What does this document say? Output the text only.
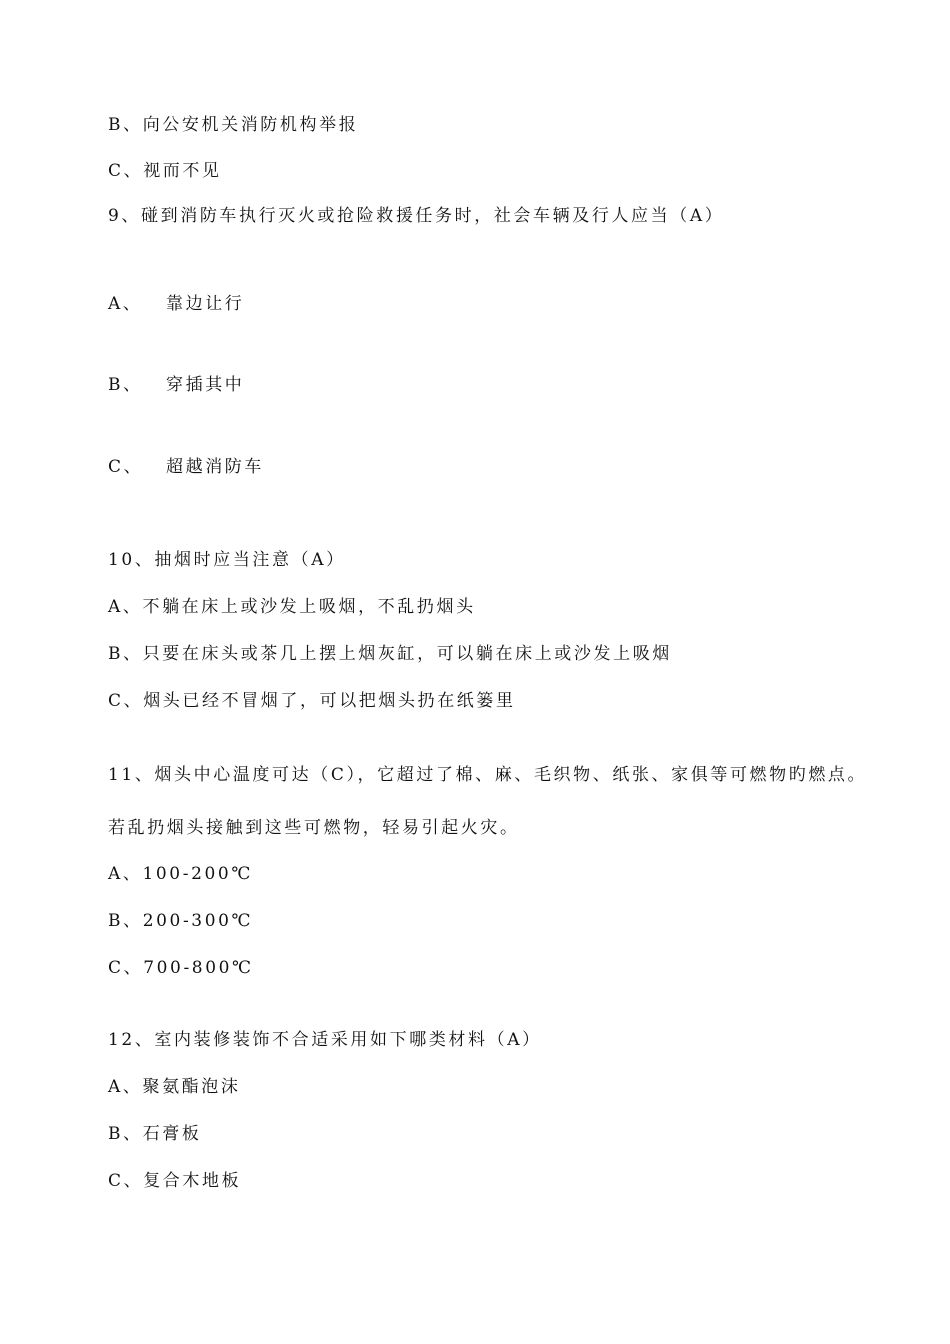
B、向公安机关消防机构举报
C、视而不见
9、碰到消防车执行灭火或抢险救援任务时，社会车辆及行人应当（A）
A、 靠边让行
B、 穿插其中
C、 超越消防车
10、抽烟时应当注意（A）
A、不躺在床上或沙发上吸烟，不乱扔烟头
B、只要在床头或茶几上摆上烟灰缸，可以躺在床上或沙发上吸烟
C、烟头已经不冒烟了，可以把烟头扔在纸篓里
11、烟头中心温度可达（C），它超过了棉、麻、毛织物、纸张、家俱等可燃物旳燃点。
若乱扔烟头接触到这些可燃物，轻易引起火灾。
A、100-200℃
B、200-300℃
C、700-800℃
12、室内装修装饰不合适采用如下哪类材料（A）
A、聚氨酯泡沫
B、石膏板
C、复合木地板
